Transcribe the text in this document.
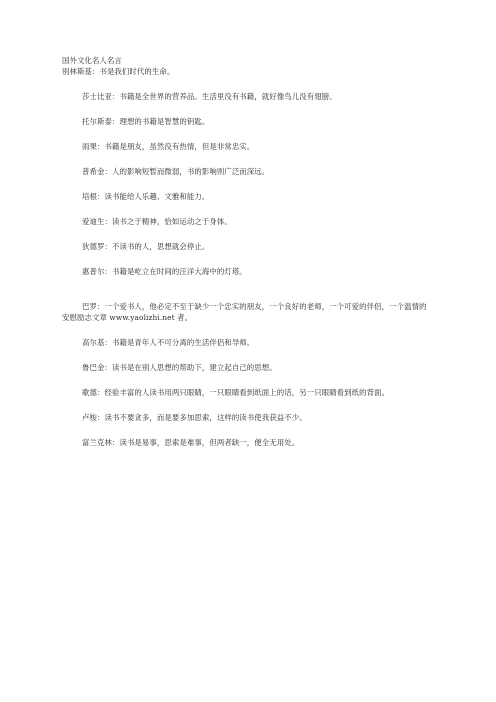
国外文化名人名言

别林斯基：书是我们时代的生命。

莎士比亚：书籍是全世界的营养品。生活里没有书籍，就好像鸟儿没有翅膀。

托尔斯泰：理想的书籍是智慧的钥匙。

雨果：书籍是朋友，虽然没有热情，但是非常忠实。

普希金：人的影响短暂而微弱，书的影响则广泛而深远。

培根：读书能给人乐趣、文雅和能力。

爱迪生：读书之于精神，恰如运动之于身体。

狄德罗：不读书的人，思想就会停止。

惠普尔：书籍是屹立在时间的汪洋大海中的灯塔。

巴罗：一个爱书人，他必定不至于缺少一个忠实的朋友，一个良好的老师，一个可爱的伴侣，一个温情的安慰励志文章 www.yaolizhi.net 者。

高尔基：书籍是青年人不可分离的生活伴侣和导师。

鲁巴金：读书是在别人思想的帮助下，建立起自己的思想。

歌德：经验丰富的人读书用两只眼睛，一只眼睛看到纸面上的话，另一只眼睛看到纸的背面。

卢梭：读书不要贪多，而是要多加思索，这样的读书使我获益不少。

富兰克林：读书是易事，思索是难事，但两者缺一，便全无用处。
